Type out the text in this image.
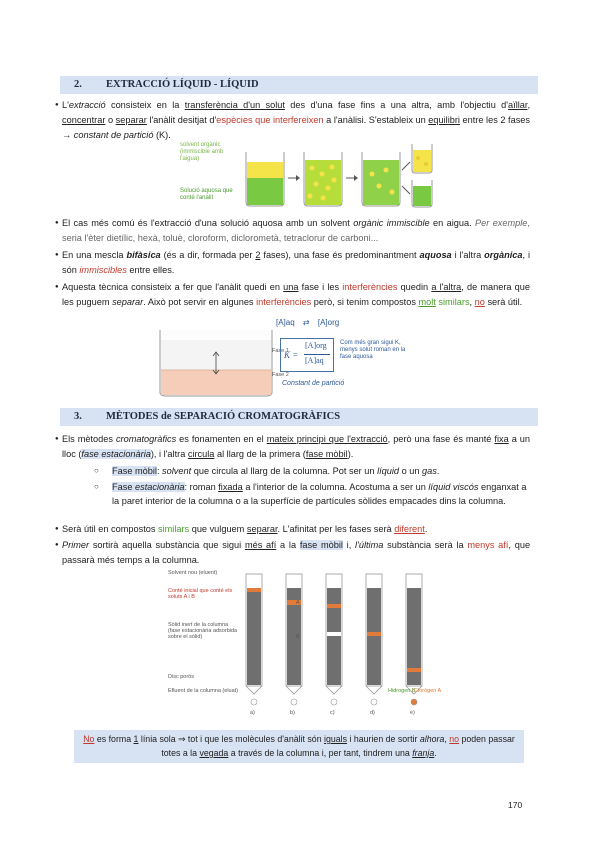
2. EXTRACCIÓ LÍQUID - LÍQUID
● L'extracció consisteix en la transferència d'un solut des d'una fase fins a una altra, amb l'objectiu d'aïllar, concentrar o separar l'anàlit desitjat d'espècies que interfereixen a l'anàlisi. S'estableix un equilibri entre les 2 fases → constant de partició (K).
solvent orgànic (immiscible amb l'aigua)
Solució aquosa que conté l'anàlit
● El cas més comú és l'extracció d'una solució aquosa amb un solvent orgànic immiscible en aigua. Per exemple, seria l'èter dietílic, hexà, toluè, cloroform, diclorometà, tetraclorur de carboni...
● En una mescla bifàsica (és a dir, formada per 2 fases), una fase és predominantment aquosa i l'altra orgànica, i són immiscibles entre elles.
● Aquesta tècnica consisteix a fer que l'anàlit quedi en una fase i les interferències quedin a l'altra, de manera que les puguem separar. Això pot servir en algunes interferències però, si tenim compostos molt similars, no serà útil.
Fase 1
Fase 2
[A]aq ⇄ [A]org
K =
[A]org
[A]aq
Com més gran sigui K, menys solut roman en la fase aquosa
Constant de partició
3. MÈTODES de SEPARACIÓ CROMATOGRÀFICS
● Els mètodes cromatogràfics es fonamenten en el mateix principi que l'extracció, però una fase és manté fixa a un lloc (fase estacionària), i l'altra circula al llarg de la primera (fase mòbil).
○ Fase mòbil: solvent que circula al llarg de la columna. Pot ser un líquid o un gas.
○ Fase estacionària: roman fixada a l'interior de la columna. Acostuma a ser un líquid viscós enganxat a la paret interior de la columna o a la superfície de partícules sòlides empacades dins la columna.
● Serà útil en compostos similars que vulguem separar. L'afinitat per les fases serà diferent.
● Primer sortirà aquella substància que sigui més afí a la fase mòbil i, l'última substància serà la menys afí, que passarà més temps a la columna.
Solvent nou (eluent)
Conté inicial que conté els soluts A i B
Sòlid inert de la columna (fase estacionària adsorbida sobre el sòlid)
Disc porós
Efluent de la columna (eluat)
A
B
Hidrogen B
Clorògen A
a)	b)	c)	d)	e)
No es forma 1 línia sola ⇒ tot i que les molècules d'anàlit són iguals i haurien de sortir alhora, no poden passar totes a la vegada a través de la columna i, per tant, tindrem una franja.
170
